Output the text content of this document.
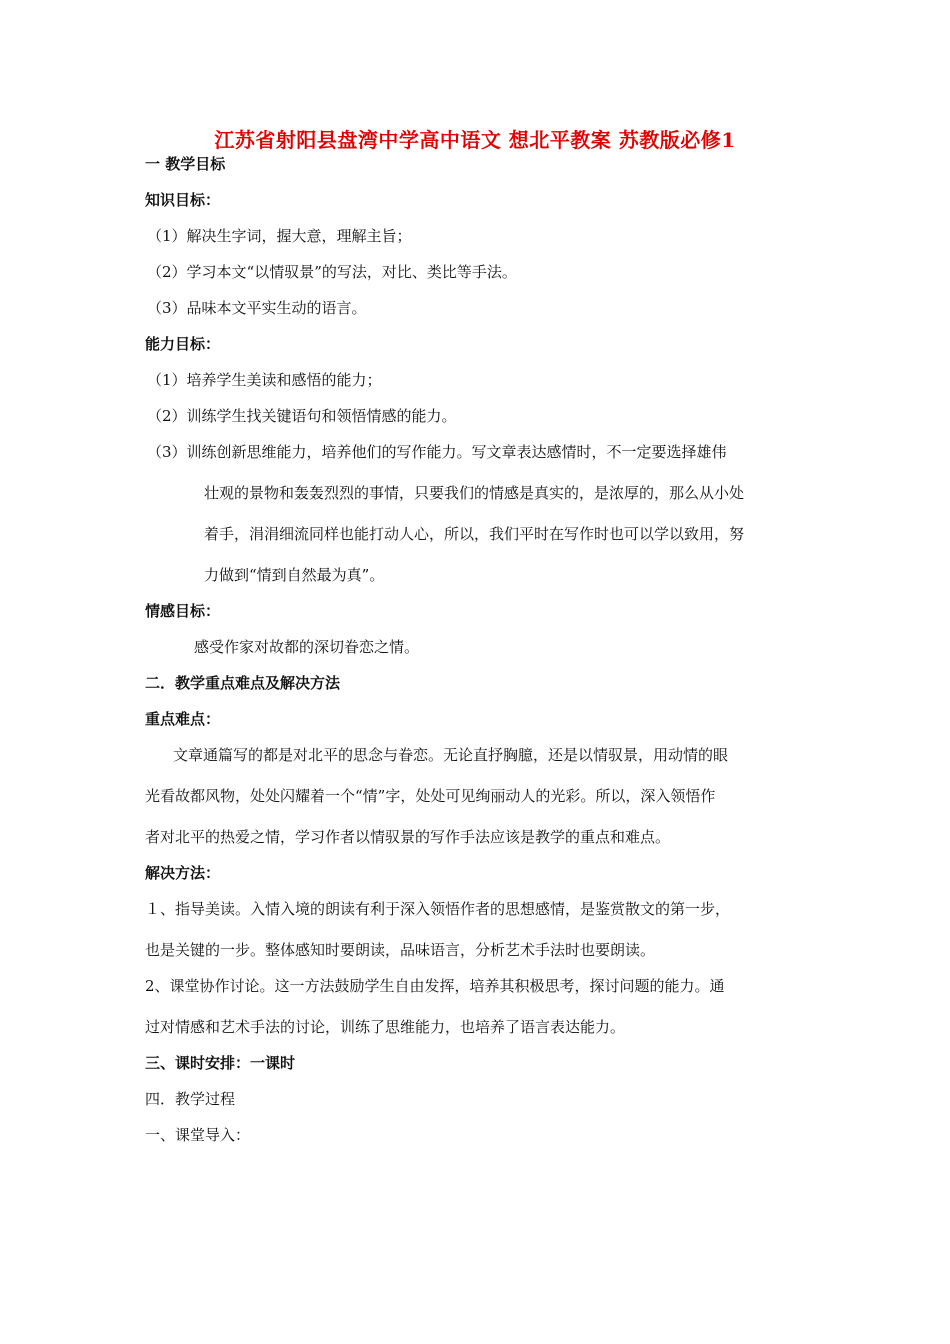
江苏省射阳县盘湾中学高中语文 想北平教案 苏教版必修1
一 教学目标
知识目标：
（1）解决生字词，握大意，理解主旨；
（2）学习本文“以情驭景”的写法，对比、类比等手法。
（3）品味本文平实生动的语言。
能力目标：
（1）培养学生美读和感悟的能力；
（2）训练学生找关键语句和领悟情感的能力。
（3）训练创新思维能力，培养他们的写作能力。写文章表达感情时，不一定要选择雄伟
壮观的景物和轰轰烈烈的事情，只要我们的情感是真实的，是浓厚的，那么从小处
着手，涓涓细流同样也能打动人心，所以，我们平时在写作时也可以学以致用，努
力做到“情到自然最为真”。
情感目标：
感受作家对故都的深切眷恋之情。
二．教学重点难点及解决方法
重点难点：
文章通篇写的都是对北平的思念与眷恋。无论直抒胸臆，还是以情驭景，用动情的眼
光看故都风物，处处闪耀着一个“情”字，处处可见绚丽动人的光彩。所以，深入领悟作
者对北平的热爱之情，学习作者以情驭景的写作手法应该是教学的重点和难点。
解决方法：
１、指导美读。入情入境的朗读有利于深入领悟作者的思想感情，是鉴赏散文的第一步，
也是关键的一步。整体感知时要朗读，品味语言，分析艺术手法时也要朗读。
2、课堂协作讨论。这一方法鼓励学生自由发挥，培养其积极思考，探讨问题的能力。通
过对情感和艺术手法的讨论，训练了思维能力，也培养了语言表达能力。
三、课时安排：一课时
四．教学过程
一、课堂导入：
